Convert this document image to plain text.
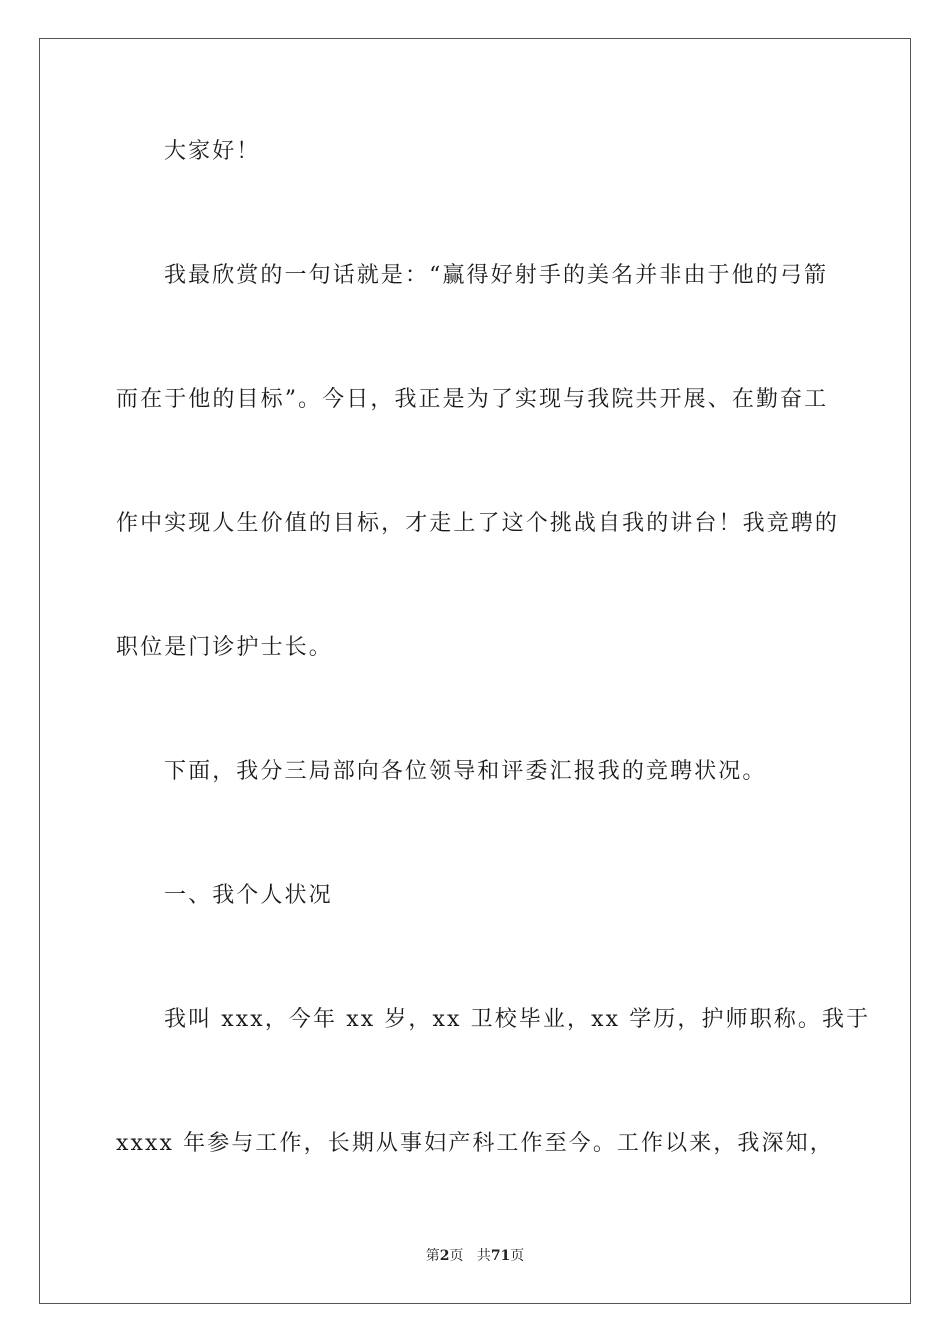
大家好！
我最欣赏的一句话就是：“赢得好射手的美名并非由于他的弓箭
而在于他的目标”。今日，我正是为了实现与我院共开展、在勤奋工
作中实现人生价值的目标，才走上了这个挑战自我的讲台！我竞聘的
职位是门诊护士长。
下面，我分三局部向各位领导和评委汇报我的竞聘状况。
一、我个人状况
我叫 xxx，今年 xx 岁，xx 卫校毕业，xx 学历，护师职称。我于
xxxx 年参与工作，长期从事妇产科工作至今。工作以来，我深知，
第2页 共71页
